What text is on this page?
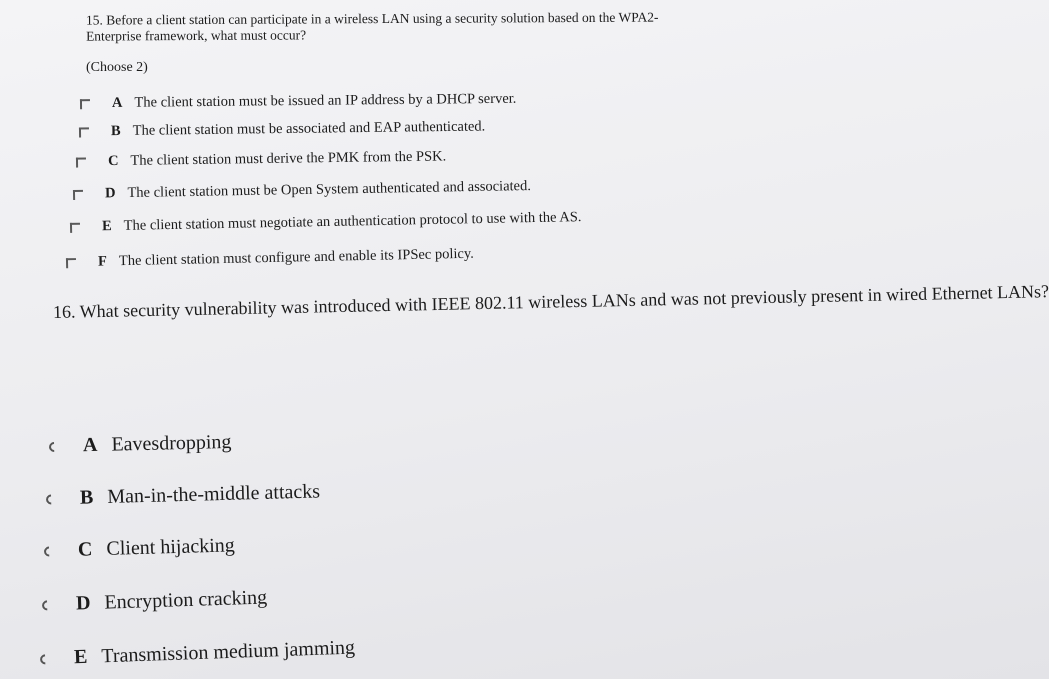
15. Before a client station can participate in a wireless LAN using a security solution based on the WPA2-Enterprise framework, what must occur?

(Choose 2)

A The client station must be issued an IP address by a DHCP server.
B The client station must be associated and EAP authenticated.
C The client station must derive the PMK from the PSK.
D The client station must be Open System authenticated and associated.
E The client station must negotiate an authentication protocol to use with the AS.
F The client station must configure and enable its IPSec policy.

16. What security vulnerability was introduced with IEEE 802.11 wireless LANs and was not previously present in wired Ethernet LANs?

A Eavesdropping
B Man-in-the-middle attacks
C Client hijacking
D Encryption cracking
E Transmission medium jamming
